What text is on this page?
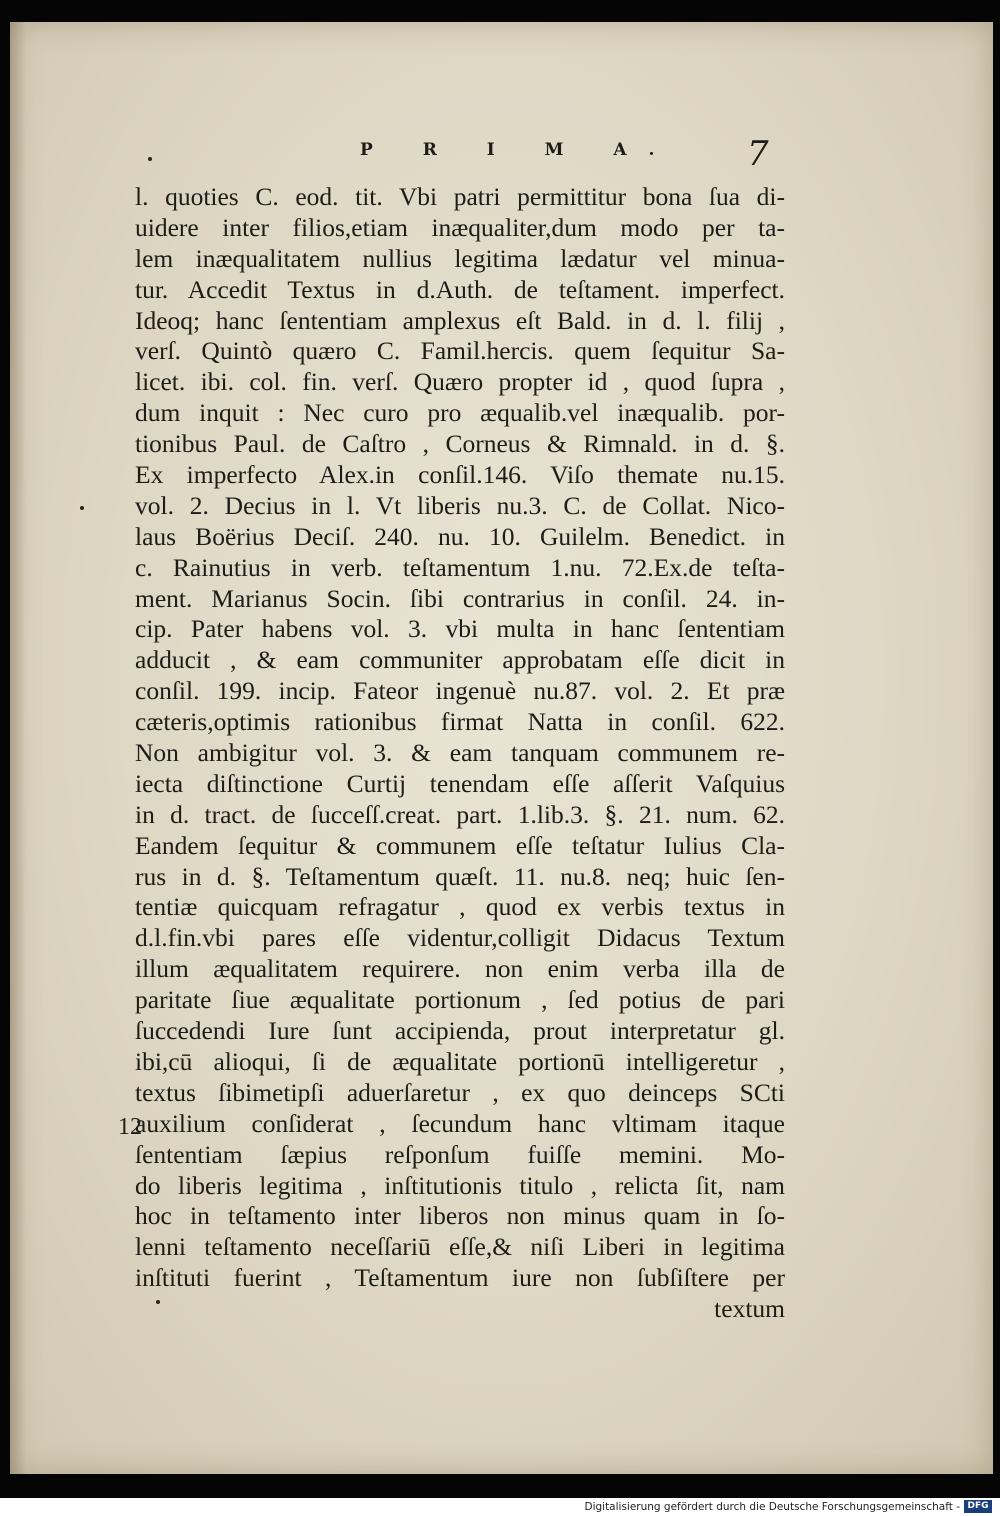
P R I M A. 7
l. quoties C. eod. tit. Vbi patri permittitur bona ſua di-
uidere inter filios,etiam inæqualiter,dum modo per ta-
lem inæqualitatem nullius legitima lædatur vel minua-
tur. Accedit Textus in d.Auth. de teſtament. imperfect.
Ideoq; hanc ſententiam amplexus eſt Bald. in d. l. filij ,
verſ. Quintò quæro C. Famil.hercis. quem ſequitur Sa-
licet. ibi. col. fin. verſ. Quæro propter id , quod ſupra ,
dum inquit : Nec curo pro æqualib.vel inæqualib. por-
tionibus Paul. de Caſtro , Corneus & Rimnald. in d. §.
Ex imperfecto Alex.in conſil.146. Viſo themate nu.15.
vol. 2. Decius in l. Vt liberis nu.3. C. de Collat. Nico-
laus Boërius Deciſ. 240. nu. 10. Guilelm. Benedict. in
c. Rainutius in verb. teſtamentum 1.nu. 72.Ex.de teſta-
ment. Marianus Socin. ſibi contrarius in conſil. 24. in-
cip. Pater habens vol. 3. vbi multa in hanc ſententiam
adducit , & eam communiter approbatam eſſe dicit in
conſil. 199. incip. Fateor ingenuè nu.87. vol. 2. Et præ
cæteris,optimis rationibus firmat Natta in conſil. 622.
Non ambigitur vol. 3. & eam tanquam communem re-
iecta diſtinctione Curtij tenendam eſſe aſſerit Vaſquius
in d. tract. de ſucceſſ.creat. part. 1.lib.3. §. 21. num. 62.
Eandem ſequitur & communem eſſe teſtatur Iulius Cla-
rus in d. §. Teſtamentum quæſt. 11. nu.8. neq; huic ſen-
tentiæ quicquam refragatur , quod ex verbis textus in
d.l.fin.vbi pares eſſe videntur,colligit Didacus Textum
illum æqualitatem requirere. non enim verba illa de
paritate ſiue æqualitate portionum , ſed potius de pari
ſuccedendi Iure ſunt accipienda, prout interpretatur gl.
ibi,cū alioqui, ſi de æqualitate portionū intelligeretur ,
textus ſibimetipſi aduerſaretur , ex quo deinceps SCti
auxilium conſiderat , ſecundum hanc vltimam itaque
ſententiam ſæpius reſponſum fuiſſe memini. Mo-
do liberis legitima , inſtitutionis titulo , relicta ſit, nam
hoc in teſtamento inter liberos non minus quam in ſo-
lenni teſtamento neceſſariū eſſe,& niſi Liberi in legitima
inſtituti fuerint , Teſtamentum iure non ſubſiſtere per
textum
12
Digitalisierung gefördert durch die Deutsche Forschungsgemeinschaft - DFG
